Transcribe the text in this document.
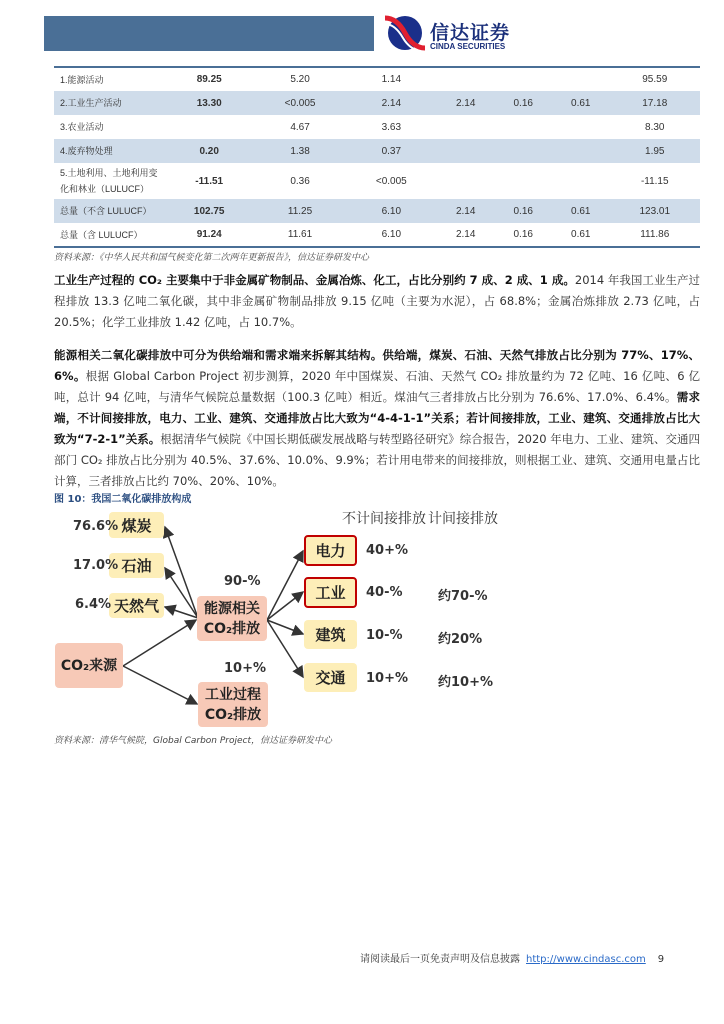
信达证券
CINDA SECURITIES
1.能源活动	89.25	5.20	1.14				95.59
2.工业生产活动	13.30	<0.005	2.14	2.14	0.16	0.61	17.18
3.农业活动		4.67	3.63				8.30
4.废弃物处理	0.20	1.38	0.37				1.95
5.土地利用、土地利用变化和林业（LULUCF）	-11.51	0.36	<0.005				-11.15
总量（不含 LULUCF）	102.75	11.25	6.10	2.14	0.16	0.61	123.01
总量（含 LULUCF）	91.24	11.61	6.10	2.14	0.16	0.61	111.86
资料来源：《中华人民共和国气候变化第二次两年更新报告》，信达证券研发中心
工业生产过程的 CO₂ 主要集中于非金属矿物制品、金属冶炼、化工，占比分别约 7 成、2 成、1 成。2014 年我国工业生产过程排放 13.3 亿吨二氧化碳，其中非金属矿物制品排放 9.15 亿吨（主要为水泥），占 68.8%；金属冶炼排放 2.73 亿吨，占 20.5%；化学工业排放 1.42 亿吨，占 10.7%。
能源相关二氧化碳排放中可分为供给端和需求端来拆解其结构。供给端，煤炭、石油、天然气排放占比分别为 77%、17%、6%。根据 Global Carbon Project 初步测算，2020 年中国煤炭、石油、天然气 CO₂ 排放量约为 72 亿吨、16 亿吨、6 亿吨，总计 94 亿吨，与清华气候院总量数据（100.3 亿吨）相近。煤油气三者排放占比分别为 76.6%、17.0%、6.4%。需求端，不计间接排放，电力、工业、建筑、交通排放占比大致为“4-4-1-1”关系；若计间接排放，工业、建筑、交通排放占比大致为“7-2-1”关系。根据清华气候院《中国长期低碳发展战略与转型路径研究》综合报告，2020 年电力、工业、建筑、交通四部门 CO₂ 排放占比分别为 40.5%、37.6%、10.0%、9.9%；若计用电带来的间接排放，则根据工业、建筑、交通用电量占比计算，三者排放占比约 70%、20%、10%。
图 10：我国二氧化碳排放构成
煤炭
石油
天然气
76.6%
17.0%
6.4%
CO₂来源
能源相关 CO₂排放
工业过程 CO₂排放
90-%
10+%
不计间接排放 计间接排放
电力
工业
建筑
交通
40+%
40-%
10-%
10+%
约70-%
约20%
约10+%
资料来源：清华气候院，Global Carbon Project，信达证券研发中心
请阅读最后一页免责声明及信息披露 http://www.cindasc.com 9
